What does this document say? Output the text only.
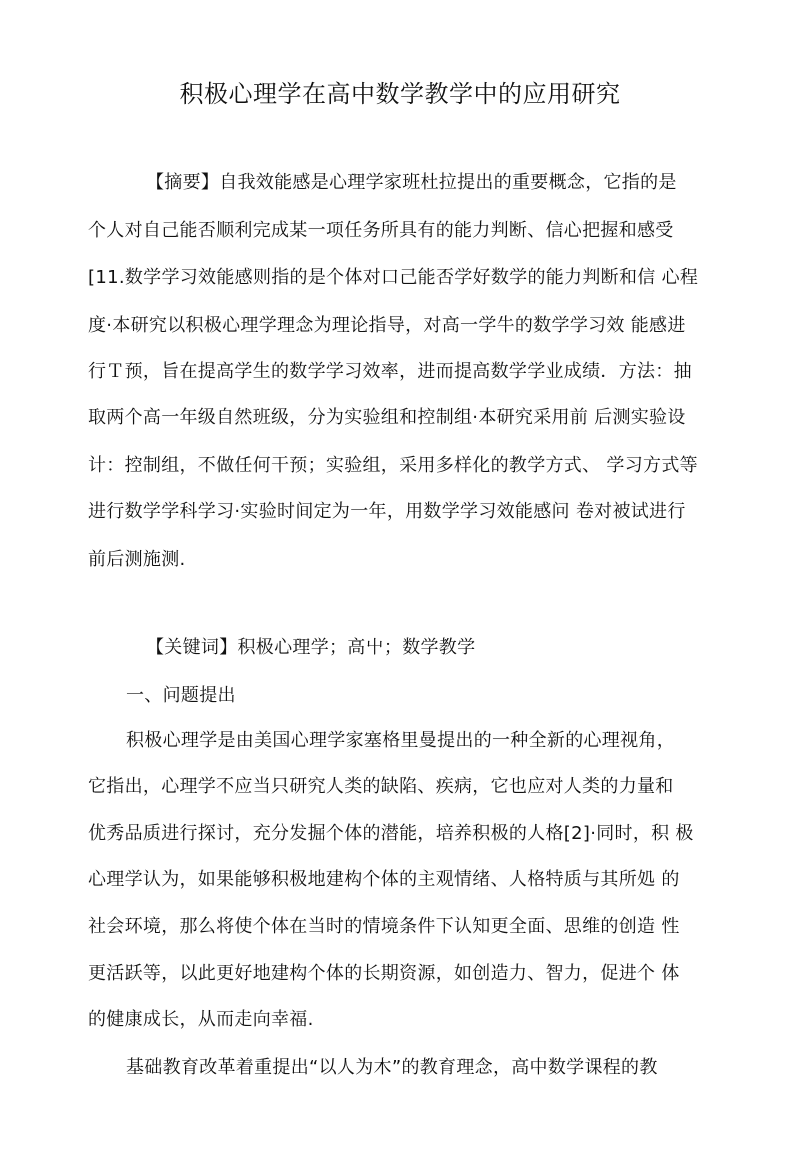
积极心理学在高中数学教学中的应用研究
【摘要】自我效能感是心理学家班杜拉提出的重要概念，它指的是
个人对自己能否顺利完成某一项任务所具有的能力判断、信心把握和感受
[11.数学学习效能感则指的是个体对口己能否学好数学的能力判断和信 心程
度·本研究以积极心理学理念为理论指导，对高一学牛的数学学习效 能感进
行Ｔ预，旨在提高学生的数学学习效率，进而提高数学学业成绩．方法：抽
取两个高一年级自然班级，分为实验组和控制组·本研究采用前 后测实验设
计：控制组，不做任何干预；实验组，采用多样化的教学方式、 学习方式等
进行数学学科学习·实验时间定为一年，用数学学习效能感问 卷对被试进行
前后测施测.
【关键词】积极心理学；高屮；数学教学
一、问题提出
积极心理学是由美国心理学家塞格里曼提出的一种全新的心理视角，
它指出，心理学不应当只研究人类的缺陷、疾病，它也应对人类的力量和
优秀品质进行探讨，充分发掘个体的潜能，培养积极的人格[2]·同时，积 极
心理学认为，如果能够积极地建构个体的主观情绪、人格特质与其所処 的
社会环境，那么将使个体在当时的情境条件下认知更全面、思维的创造 性
更活跃等，以此更好地建构个体的长期资源，如创造力、智力，促进个 体
的健康成长，从而走向幸福.
基础教育改革着重提出“以人为木”的教育理念，高中数学课程的教
